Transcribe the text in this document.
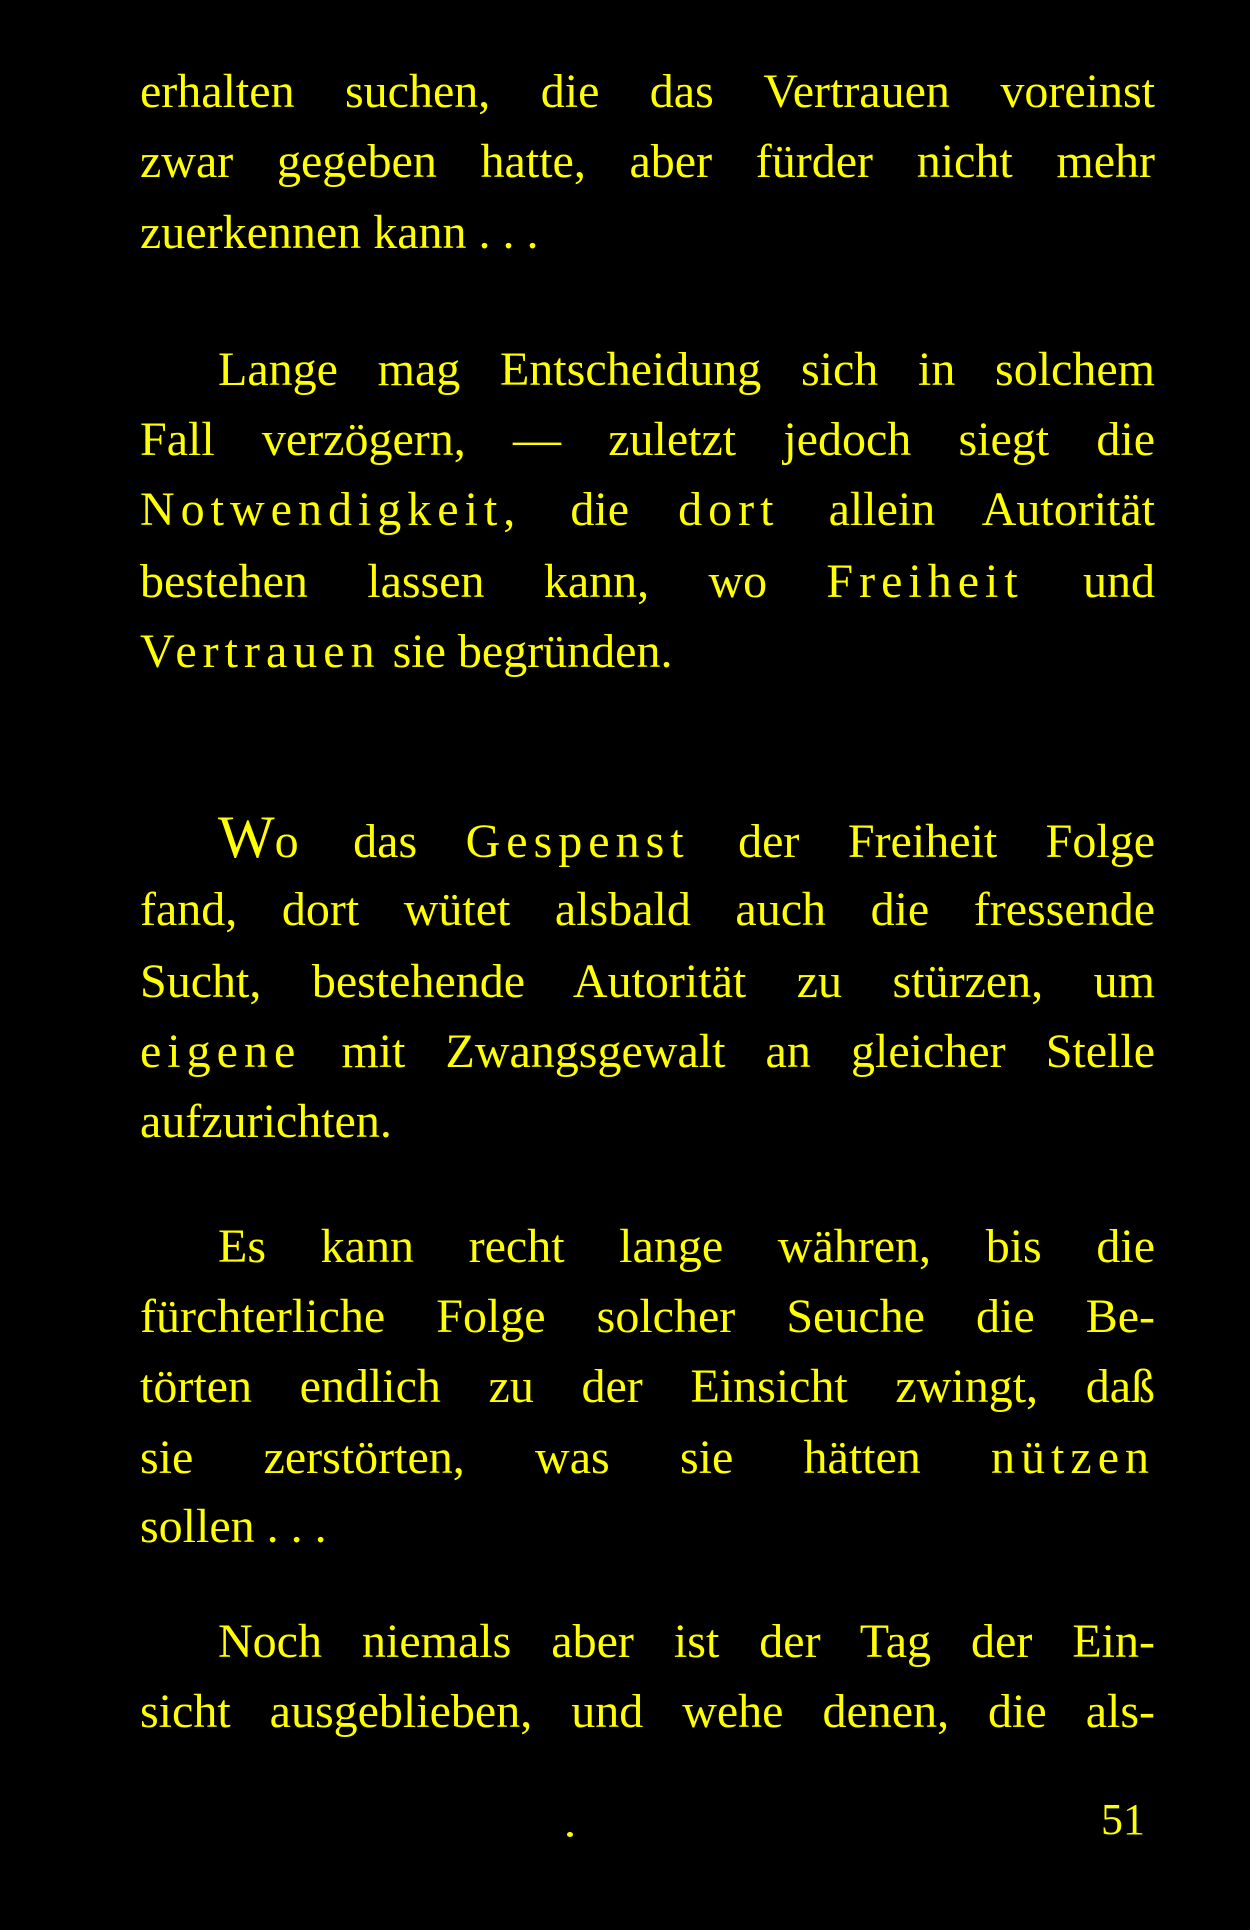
erhalten suchen, die das Vertrauen voreinst
zwar gegeben hatte, aber fürder nicht mehr
zuerkennen kann . . .
Lange mag Entscheidung sich in solchem
Fall verzögern, — zuletzt jedoch siegt die
Notwendigkeit, die dort allein Autorität
bestehen lassen kann, wo Freiheit und
Vertrauen sie begründen.
Wo das Gespenst der Freiheit Folge
fand, dort wütet alsbald auch die fressende
Sucht, bestehende Autorität zu stürzen, um
eigene mit Zwangsgewalt an gleicher Stelle
aufzurichten.
Es kann recht lange währen, bis die
fürchterliche Folge solcher Seuche die Be-
törten endlich zu der Einsicht zwingt, daß
sie zerstörten, was sie hätten nützen
sollen . . .
Noch niemals aber ist der Tag der Ein-
sicht ausgeblieben, und wehe denen, die als-
51
